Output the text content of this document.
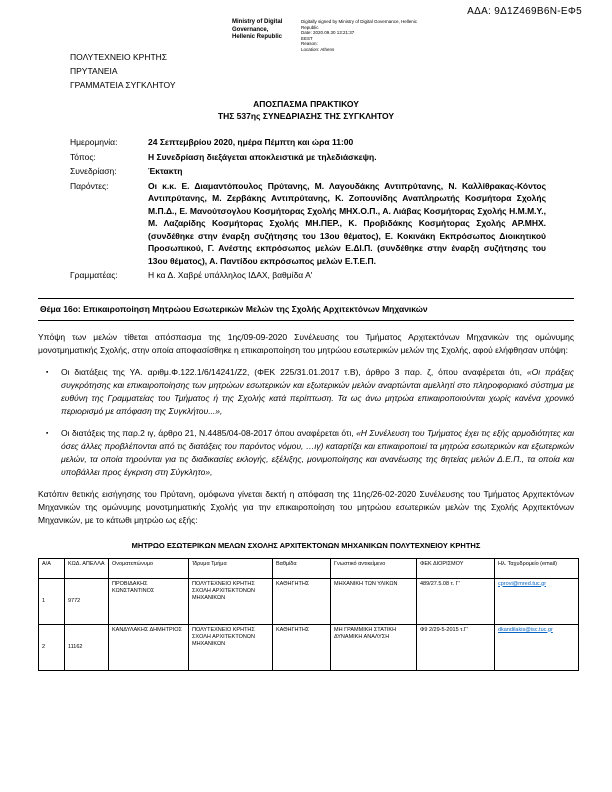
ΑΔΑ: 9Δ1Ζ469Β6Ν-ΕΦ5
Ministry of Digital
Governance,
Hellenic Republic
Digitally signed by Ministry of Digital Governance, Hellenic Republic
Date: 2020.09.30 13:21:37
EEST
Reason:
Location: Athens
ΠΟΛΥΤΕΧΝΕΙΟ ΚΡΗΤΗΣ
ΠΡΥΤΑΝΕΙΑ
ΓΡΑΜΜΑΤΕΙΑ ΣΥΓΚΛΗΤΟΥ
ΑΠΟΣΠΑΣΜΑ ΠΡΑΚΤΙΚΟΥ
ΤΗΣ 537ης ΣΥΝΕΔΡΙΑΣΗΣ ΤΗΣ ΣΥΓΚΛΗΤΟΥ
Ημερομηνία:	24 Σεπτεμβρίου 2020, ημέρα Πέμπτη και ώρα 11:00
Τόπος:	Η Συνεδρίαση διεξάγεται αποκλειστικά με τηλεδιάσκεψη.
Συνεδρίαση:	Έκτακτη
Παρόντες:	Οι κ.κ. Ε. Διαμαντόπουλος Πρύτανης, Μ. Λαγουδάκης Αντιπρύτανης, Ν. Καλλίθρακας-Κόντος Αντιπρύτανης, Μ. Ζερβάκης Αντιπρύτανης, Κ. Ζοπουνίδης Αναπληρωτής Κοσμήτορα Σχολής Μ.Π.Δ., Ε. Μανούτσογλου Κοσμήτορας Σχολής ΜΗΧ.Ο.Π., Α. Λιάβας Κοσμήτορας Σχολής Η.Μ.Μ.Υ., Μ. Λαζαρίδης Κοσμήτορας Σχολής ΜΗ.ΠΕΡ., Κ. Προβιδάκης Κοσμήτορας Σχολής ΑΡ.ΜΗΧ. (συνδέθηκε στην έναρξη συζήτησης του 13ου θέματος), Ε. Κοκινάκη Εκπρόσωπος Διοικητικού Προσωπικού, Γ. Ανέστης εκπρόσωπος μελών Ε.ΔΙ.Π. (συνδέθηκε στην έναρξη συζήτησης του 13ου θέματος), Α. Παντίδου εκπρόσωπος μελών Ε.Τ.Ε.Π.
Γραμματέας:	Η κα Δ. Χαβρέ υπάλληλος ΙΔΑΧ, βαθμίδα Α'
Θέμα 16ο: Επικαιροποίηση Μητρώου Εσωτερικών Μελών της Σχολής Αρχιτεκτόνων Μηχανικών

Υπόψη των μελών τίθεται απόσπασμα της 1ης/09-09-2020 Συνέλευσης του Τμήματος Αρχιτεκτόνων Μηχανικών της ομώνυμης μονοτμηματικής Σχολής, στην οποία αποφασίσθηκε η επικαιροποίηση του μητρώου εσωτερικών μελών της Σχολής, αφού ελήφθησαν υπόψη:

▪	Οι διατάξεις της ΥΑ. αριθμ.Φ.122.1/6/14241/Ζ2, (ΦΕΚ 225/31.01.2017 τ.Β), άρθρο 3 παρ. ζ, όπου αναφέρεται ότι, «Οι πράξεις συγκρότησης και επικαιροποίησης των μητρώων εσωτερικών και εξωτερικών μελών αναρτώνται αμελλητί στο πληροφοριακό σύστημα με ευθύνη της Γραμματείας του Τμήματος ή της Σχολής κατά περίπτωση. Τα ως άνω μητρώα επικαιροποιούνται χωρίς κανένα χρονικό περιορισμό με απόφαση της Συγκλήτου...»,
▪	Οι διατάξεις της παρ.2 ιγ, άρθρο 21, Ν.4485/04-08-2017 όπου αναφέρεται ότι, «Η Συνέλευση του Τμήματος έχει τις εξής αρμοδιότητες και όσες άλλες προβλέπονται από τις διατάξεις του παρόντος νόμου, …ιγ) καταρτίζει και επικαιροποιεί τα μητρώα εσωτερικών και εξωτερικών μελών, τα οποία τηρούνται για τις διαδικασίες εκλογής, εξέλιξης, μονιμοποίησης και ανανέωσης της θητείας μελών Δ.Ε.Π., τα οποία και υποβάλλει προς έγκριση στη Σύγκλητο»,

Κατόπιν θετικής εισήγησης του Πρύτανη, ομόφωνα γίνεται δεκτή η απόφαση της 11ης/26-02-2020 Συνέλευσης του Τμήματος Αρχιτεκτόνων Μηχανικών της ομώνυμης μονοτμηματικής Σχολής για την επικαιροποίηση του μητρώου εσωτερικών μελών της Σχολής Αρχιτεκτόνων Μηχανικών, με το κάτωθι μητρώο ως εξής:

ΜΗΤΡΩΟ ΕΣΩΤΕΡΙΚΩΝ ΜΕΛΩΝ ΣΧΟΛΗΣ ΑΡΧΙΤΕΚΤΟΝΩΝ ΜΗΧΑΝΙΚΩΝ ΠΟΛΥΤΕΧΝΕΙΟΥ ΚΡΗΤΗΣ
Α/Α	ΚΩΔ. ΑΠΕΛΛΑ	Ονοματεπώνυμο	Ίδρυμα Τμήμα	Βαθμίδα	Γνωστικό αντικείμενο	ΦΕΚ ΔΙΟΡΙΣΜΟΥ	Ηλ. Ταχυδρομείο (email)
1	9772	ΠΡΟΒΙΔΑΚΗΣ ΚΩΝΣΤΑΝΤΙΝΟΣ	ΠΟΛΥΤΕΧΝΕΙΟ ΚΡΗΤΗΣ ΣΧΟΛΗ ΑΡΧΙΤΕΚΤΟΝΩΝ ΜΗΧΑΝΙΚΩΝ	ΚΑΘΗΓΗΤΗΣ	ΜΗΧΑΝΙΚΗ ΤΩΝ ΥΛΙΚΩΝ	489/27.5.08 τ. Γ'	cprovi@mred.tuc.gr
2	11162	ΚΑΝΔΥΛΑΚΗΣ ΔΗΜΗΤΡΙΟΣ	ΠΟΛΥΤΕΧΝΕΙΟ ΚΡΗΤΗΣ ΣΧΟΛΗ ΑΡΧΙΤΕΚΤΟΝΩΝ ΜΗΧΑΝΙΚΩΝ	ΚΑΘΗΓΗΤΗΣ	ΜΗ ΓΡΑΜΜΙΚΗ ΣΤΑΤΙΚΗ ΔΥΝΑΜΙΚΗ ΑΝΑΛΥΣΗ	Φ9 2/29-5-2015 τ.Γ'	dkandilakis@isc.tuc.gr
